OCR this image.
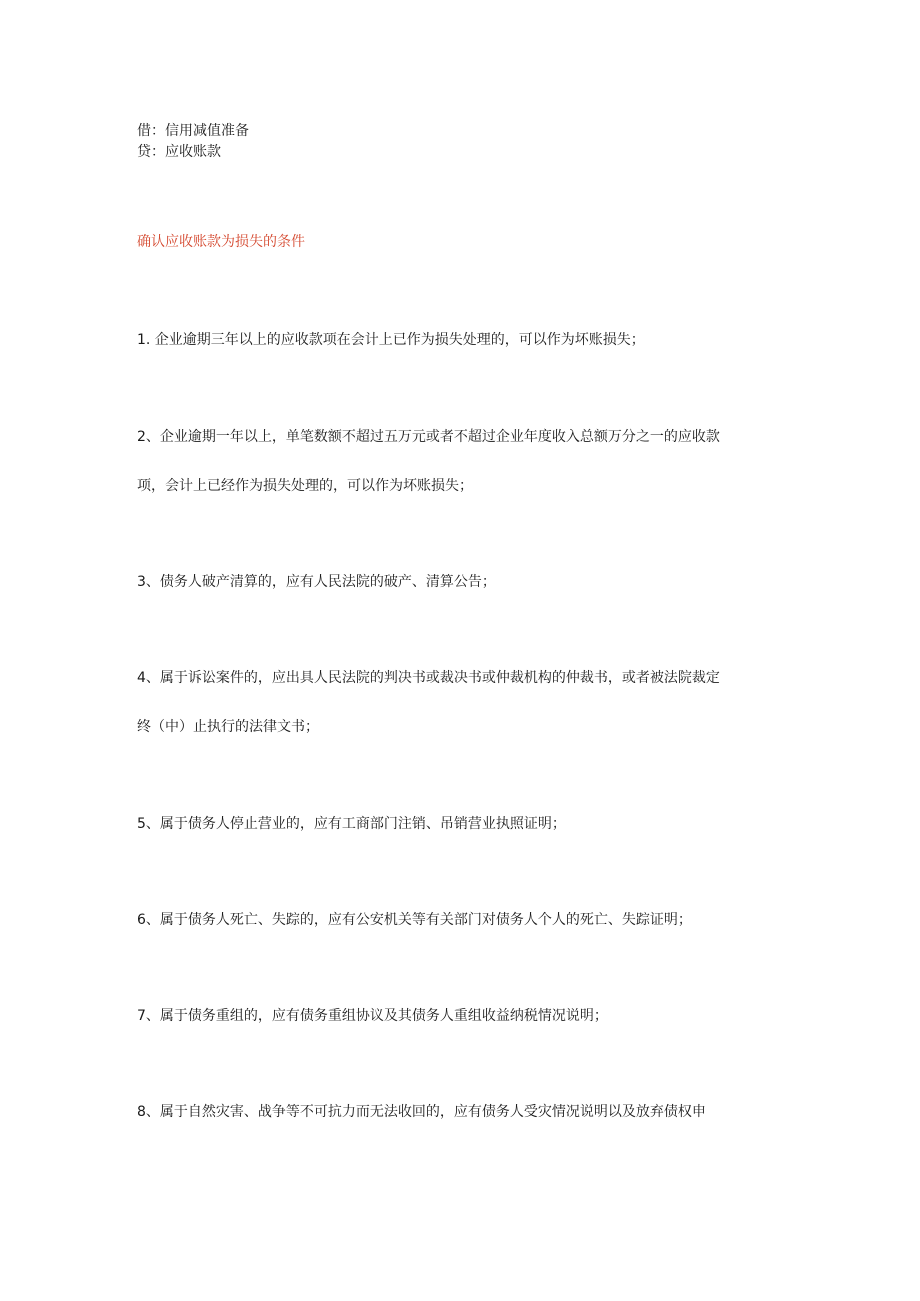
借：信用减值准备

贷：应收账款

确认应收账款为损失的条件

1. 企业逾期三年以上的应收款项在会计上已作为损失处理的，可以作为坏账损失；

2、企业逾期一年以上，单笔数额不超过五万元或者不超过企业年度收入总额万分之一的应收款

项，会计上已经作为损失处理的，可以作为坏账损失；

3、债务人破产清算的，应有人民法院的破产、清算公告；

4、属于诉讼案件的，应出具人民法院的判决书或裁决书或仲裁机构的仲裁书，或者被法院裁定

终（中）止执行的法律文书；

5、属于债务人停止营业的，应有工商部门注销、吊销营业执照证明；

6、属于债务人死亡、失踪的，应有公安机关等有关部门对债务人个人的死亡、失踪证明；

7、属于债务重组的，应有债务重组协议及其债务人重组收益纳税情况说明；

8、属于自然灾害、战争等不可抗力而无法收回的，应有债务人受灾情况说明以及放弃债权申
